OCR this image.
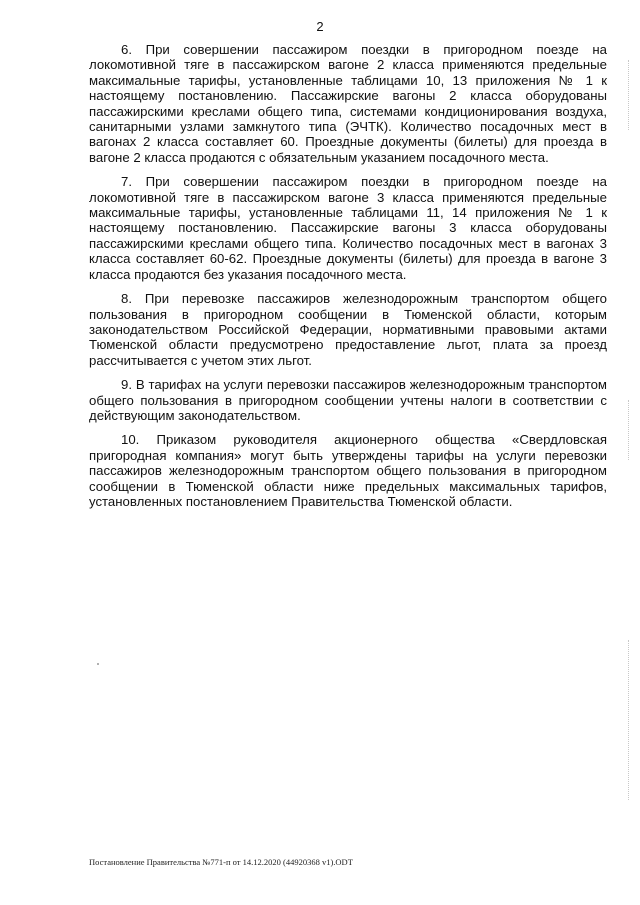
2

6. При совершении пассажиром поездки в пригородном поезде на локомотивной тяге в пассажирском вагоне 2 класса применяются предельные максимальные тарифы, установленные таблицами 10, 13 приложения № 1 к настоящему постановлению. Пассажирские вагоны 2 класса оборудованы пассажирскими креслами общего типа, системами кондиционирования воздуха, санитарными узлами замкнутого типа (ЭЧТК). Количество посадочных мест в вагонах 2 класса составляет 60. Проездные документы (билеты) для проезда в вагоне 2 класса продаются с обязательным указанием посадочного места.

7. При совершении пассажиром поездки в пригородном поезде на локомотивной тяге в пассажирском вагоне 3 класса применяются предельные максимальные тарифы, установленные таблицами 11, 14 приложения № 1 к настоящему постановлению. Пассажирские вагоны 3 класса оборудованы пассажирскими креслами общего типа. Количество посадочных мест в вагонах 3 класса составляет 60-62. Проездные документы (билеты) для проезда в вагоне 3 класса продаются без указания посадочного места.

8. При перевозке пассажиров железнодорожным транспортом общего пользования в пригородном сообщении в Тюменской области, которым законодательством Российской Федерации, нормативными правовыми актами Тюменской области предусмотрено предоставление льгот, плата за проезд рассчитывается с учетом этих льгот.

9. В тарифах на услуги перевозки пассажиров железнодорожным транспортом общего пользования в пригородном сообщении учтены налоги в соответствии с действующим законодательством.

10. Приказом руководителя акционерного общества «Свердловская пригородная компания» могут быть утверждены тарифы на услуги перевозки пассажиров железнодорожным транспортом общего пользования в пригородном сообщении в Тюменской области ниже предельных максимальных тарифов, установленных постановлением Правительства Тюменской области.

Постановление Правительства №771-п от 14.12.2020 (44920368 v1).ODT
